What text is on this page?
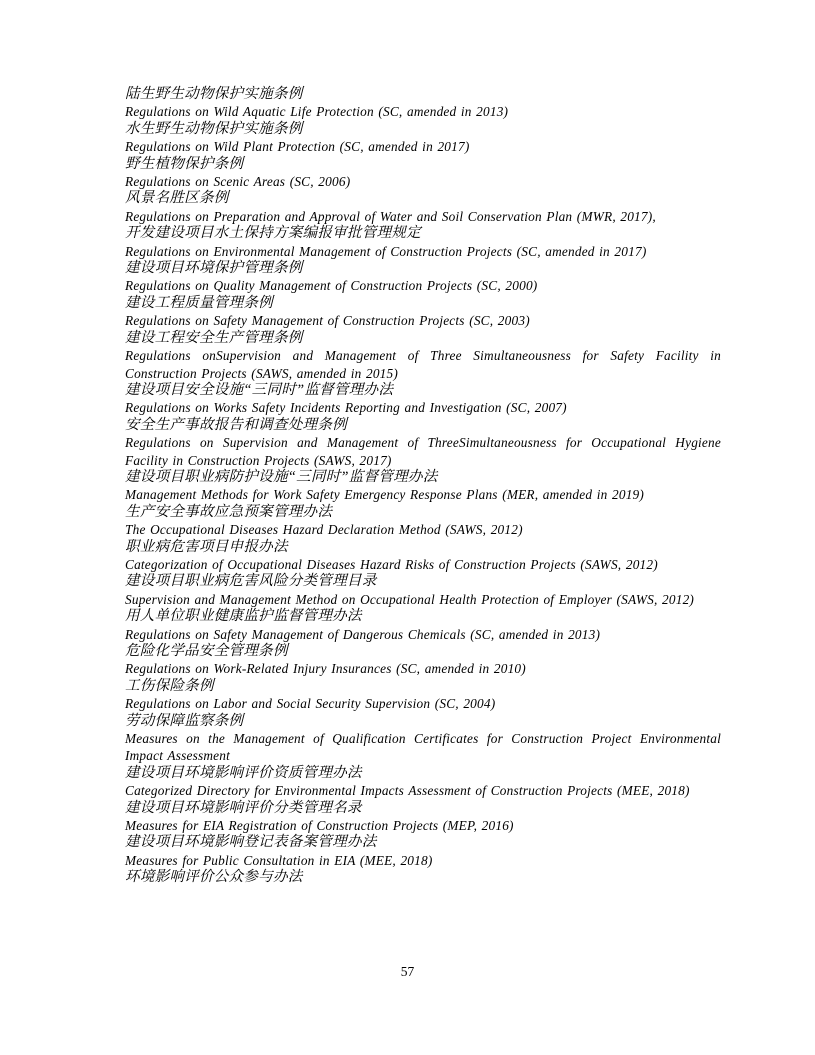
陆生野生动物保护实施条例

Regulations on Wild Aquatic Life Protection (SC, amended in 2013)

水生野生动物保护实施条例

Regulations on Wild Plant Protection (SC, amended in 2017)

野生植物保护条例

Regulations on Scenic Areas (SC, 2006)

风景名胜区条例

Regulations on Preparation and Approval of Water and Soil Conservation Plan (MWR, 2017),

开发建设项目水土保持方案编报审批管理规定

Regulations on Environmental Management of Construction Projects (SC, amended in 2017)

建设项目环境保护管理条例

Regulations on Quality Management of Construction Projects (SC, 2000)

建设工程质量管理条例

Regulations on Safety Management of Construction Projects (SC, 2003)

建设工程安全生产管理条例

Regulations onSupervision and Management of Three Simultaneousness for Safety Facility in Construction Projects (SAWS, amended in 2015)

建设项目安全设施“三同时”监督管理办法

Regulations on Works Safety Incidents Reporting and Investigation (SC, 2007)

安全生产事故报告和调查处理条例

Regulations on Supervision and Management of ThreeSimultaneousness for Occupational Hygiene Facility in Construction Projects (SAWS, 2017)

建设项目职业病防护设施“三同时”监督管理办法

Management Methods for Work Safety Emergency Response Plans (MER, amended in 2019)

生产安全事故应急预案管理办法

The Occupational Diseases Hazard Declaration Method (SAWS, 2012)

职业病危害项目申报办法

Categorization of Occupational Diseases Hazard Risks of Construction Projects (SAWS, 2012)

建设项目职业病危害风险分类管理目录

Supervision and Management Method on Occupational Health Protection of Employer (SAWS, 2012)

用人单位职业健康监护监督管理办法

Regulations on Safety Management of Dangerous Chemicals (SC, amended in 2013)

危险化学品安全管理条例

Regulations on Work-Related Injury Insurances (SC, amended in 2010)

工伤保险条例

Regulations on Labor and Social Security Supervision (SC, 2004)

劳动保障监察条例

Measures on the Management of Qualification Certificates for Construction Project Environmental Impact Assessment

建设项目环境影响评价资质管理办法

Categorized Directory for Environmental Impacts Assessment of Construction Projects (MEE, 2018)

建设项目环境影响评价分类管理名录

Measures for EIA Registration of Construction Projects (MEP, 2016)

建设项目环境影响登记表备案管理办法

Measures for Public Consultation in EIA (MEE, 2018)

环境影响评价公众参与办法

57
